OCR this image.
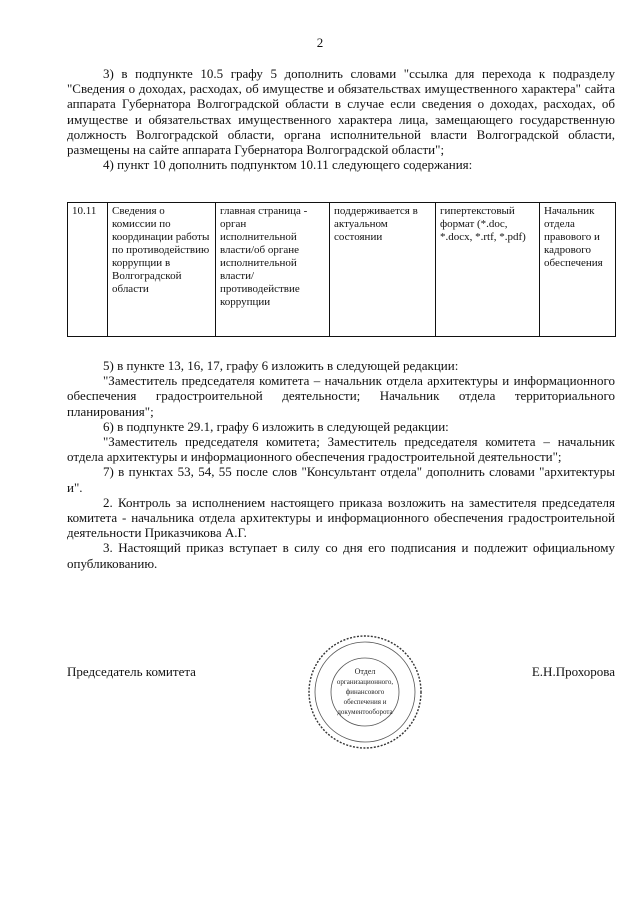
2

3) в подпункте 10.5 графу 5 дополнить словами "ссылка для перехода к подразделу "Сведения о доходах, расходах, об имуществе и обязательствах имущественного характера" сайта аппарата Губернатора Волгоградской области в случае если сведения о доходах, расходах, об имуществе и обязательствах имущественного характера лица, замещающего государственную должность Волгоградской области, органа исполнительной власти Волгоградской области, размещены на сайте аппарата Губернатора Волгоградской области";

4) пункт 10 дополнить подпунктом 10.11 следующего содержания:

10.11	Сведения о комиссии по координации работы по противодействию коррупции в Волгоградской области	главная страница - орган исполнительной власти/об органе исполнительной власти/ противодействие коррупции	поддерживается в актуальном состоянии	гипертекстовый формат (*.doc, *.docx, *.rtf, *.pdf)	Начальник отдела правового и кадрового обеспечения

5) в пункте 13, 16, 17, графу 6 изложить в следующей редакции:

"Заместитель председателя комитета – начальник отдела архитектуры и информационного обеспечения градостроительной деятельности; Начальник отдела территориального планирования";

6) в подпункте 29.1, графу 6 изложить в следующей редакции:

"Заместитель председателя комитета; Заместитель председателя комитета – начальник отдела архитектуры и информационного обеспечения градостроительной деятельности";

7) в пунктах 53, 54, 55 после слов "Консультант отдела" дополнить словами "архитектуры и".

2. Контроль за исполнением настоящего приказа возложить на заместителя председателя комитета - начальника отдела архитектуры и информационного обеспечения градостроительной деятельности Приказчикова А.Г.

3. Настоящий приказ вступает в силу со дня его подписания и подлежит официальному опубликованию.

Председатель комитета	Е.Н.Прохорова
Отдел
организационного,
финансового
обеспечения и
документооборота
